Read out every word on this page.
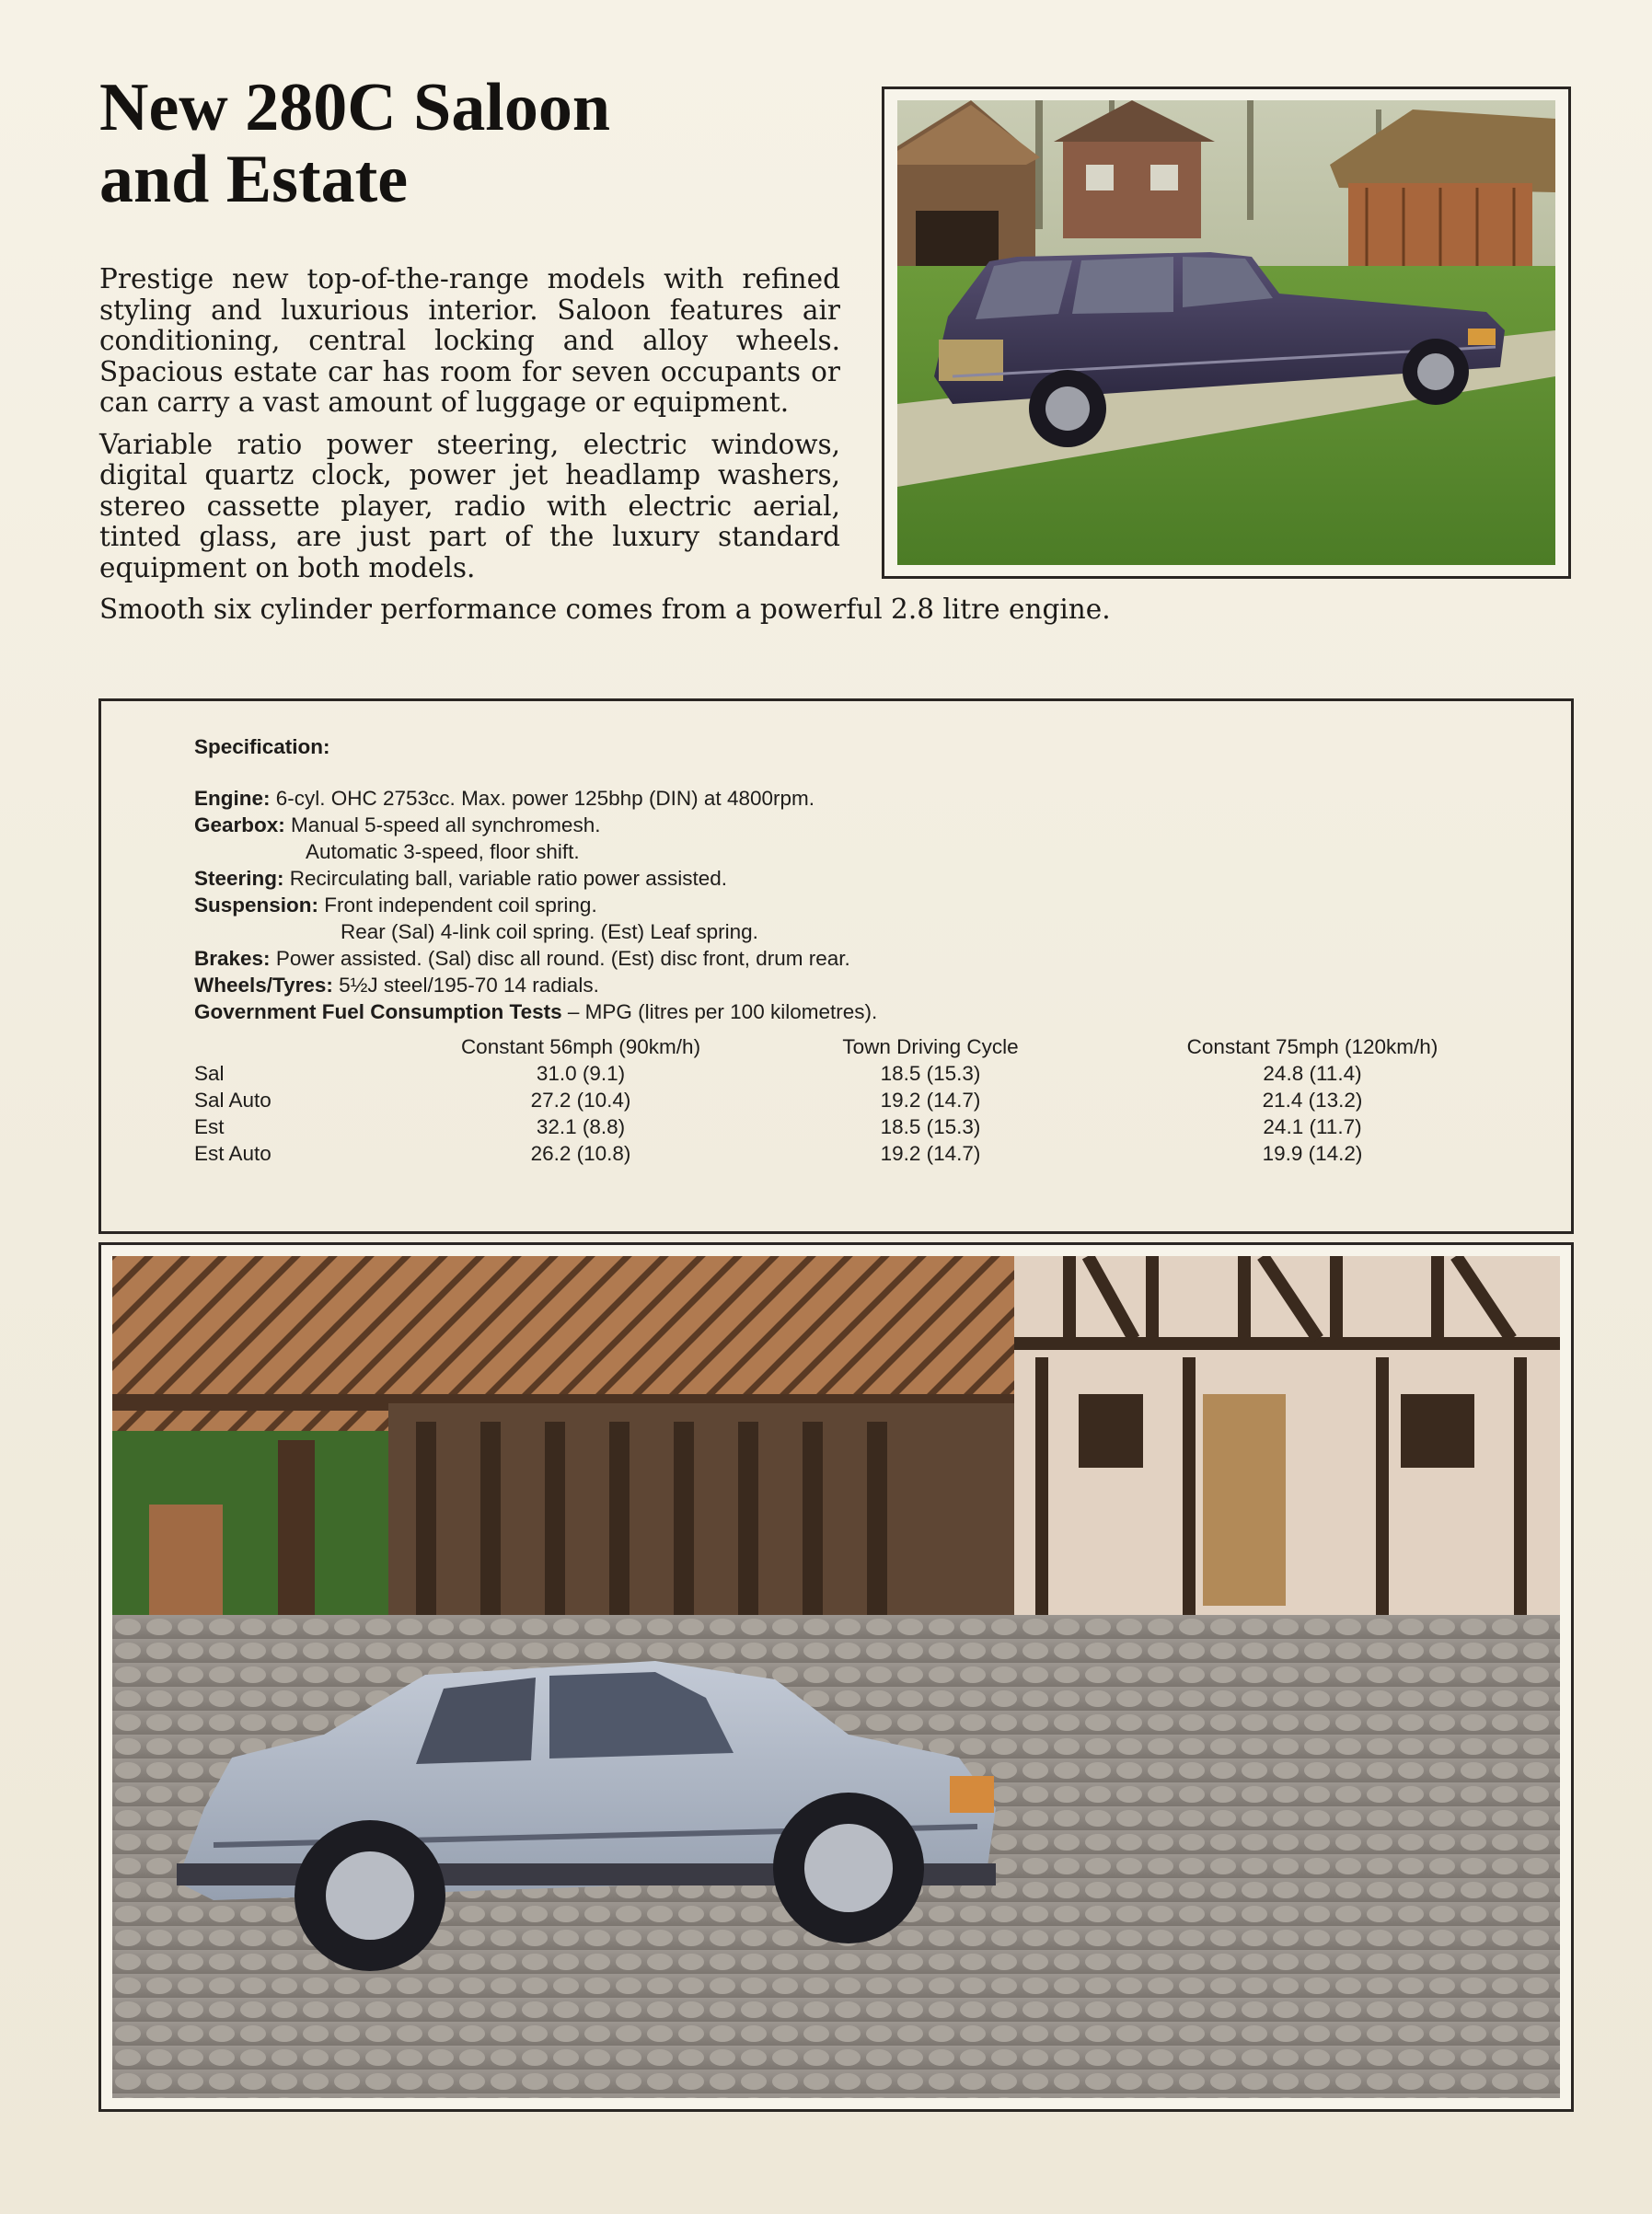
New 280C Saloon
and Estate

Prestige new top-of-the-range models with refined styling and luxurious interior. Saloon features air conditioning, central locking and alloy wheels. Spacious estate car has room for seven occupants or can carry a vast amount of luggage or equipment.

Variable ratio power steering, electric windows, digital quartz clock, power jet headlamp washers, stereo cassette player, radio with electric aerial, tinted glass, are just part of the luxury standard equipment on both models.

Smooth six cylinder performance comes from a powerful 2.8 litre engine.

Specification:

Engine: 6-cyl. OHC 2753cc. Max. power 125bhp (DIN) at 4800rpm.

Gearbox: Manual 5-speed all synchromesh.

Automatic 3-speed, floor shift.

Steering: Recirculating ball, variable ratio power assisted.

Suspension: Front independent coil spring.

Rear (Sal) 4-link coil spring. (Est) Leaf spring.

Brakes: Power assisted. (Sal) disc all round. (Est) disc front, drum rear.

Wheels/Tyres: 5½J steel/195-70 14 radials.

Government Fuel Consumption Tests – MPG (litres per 100 kilometres).

	Constant 56mph (90km/h)	Town Driving Cycle	Constant 75mph (120km/h)
Sal	31.0 (9.1)	18.5 (15.3)	24.8 (11.4)
Sal Auto	27.2 (10.4)	19.2 (14.7)	21.4 (13.2)
Est	32.1 (8.8)	18.5 (15.3)	24.1 (11.7)
Est Auto	26.2 (10.8)	19.2 (14.7)	19.9 (14.2)
